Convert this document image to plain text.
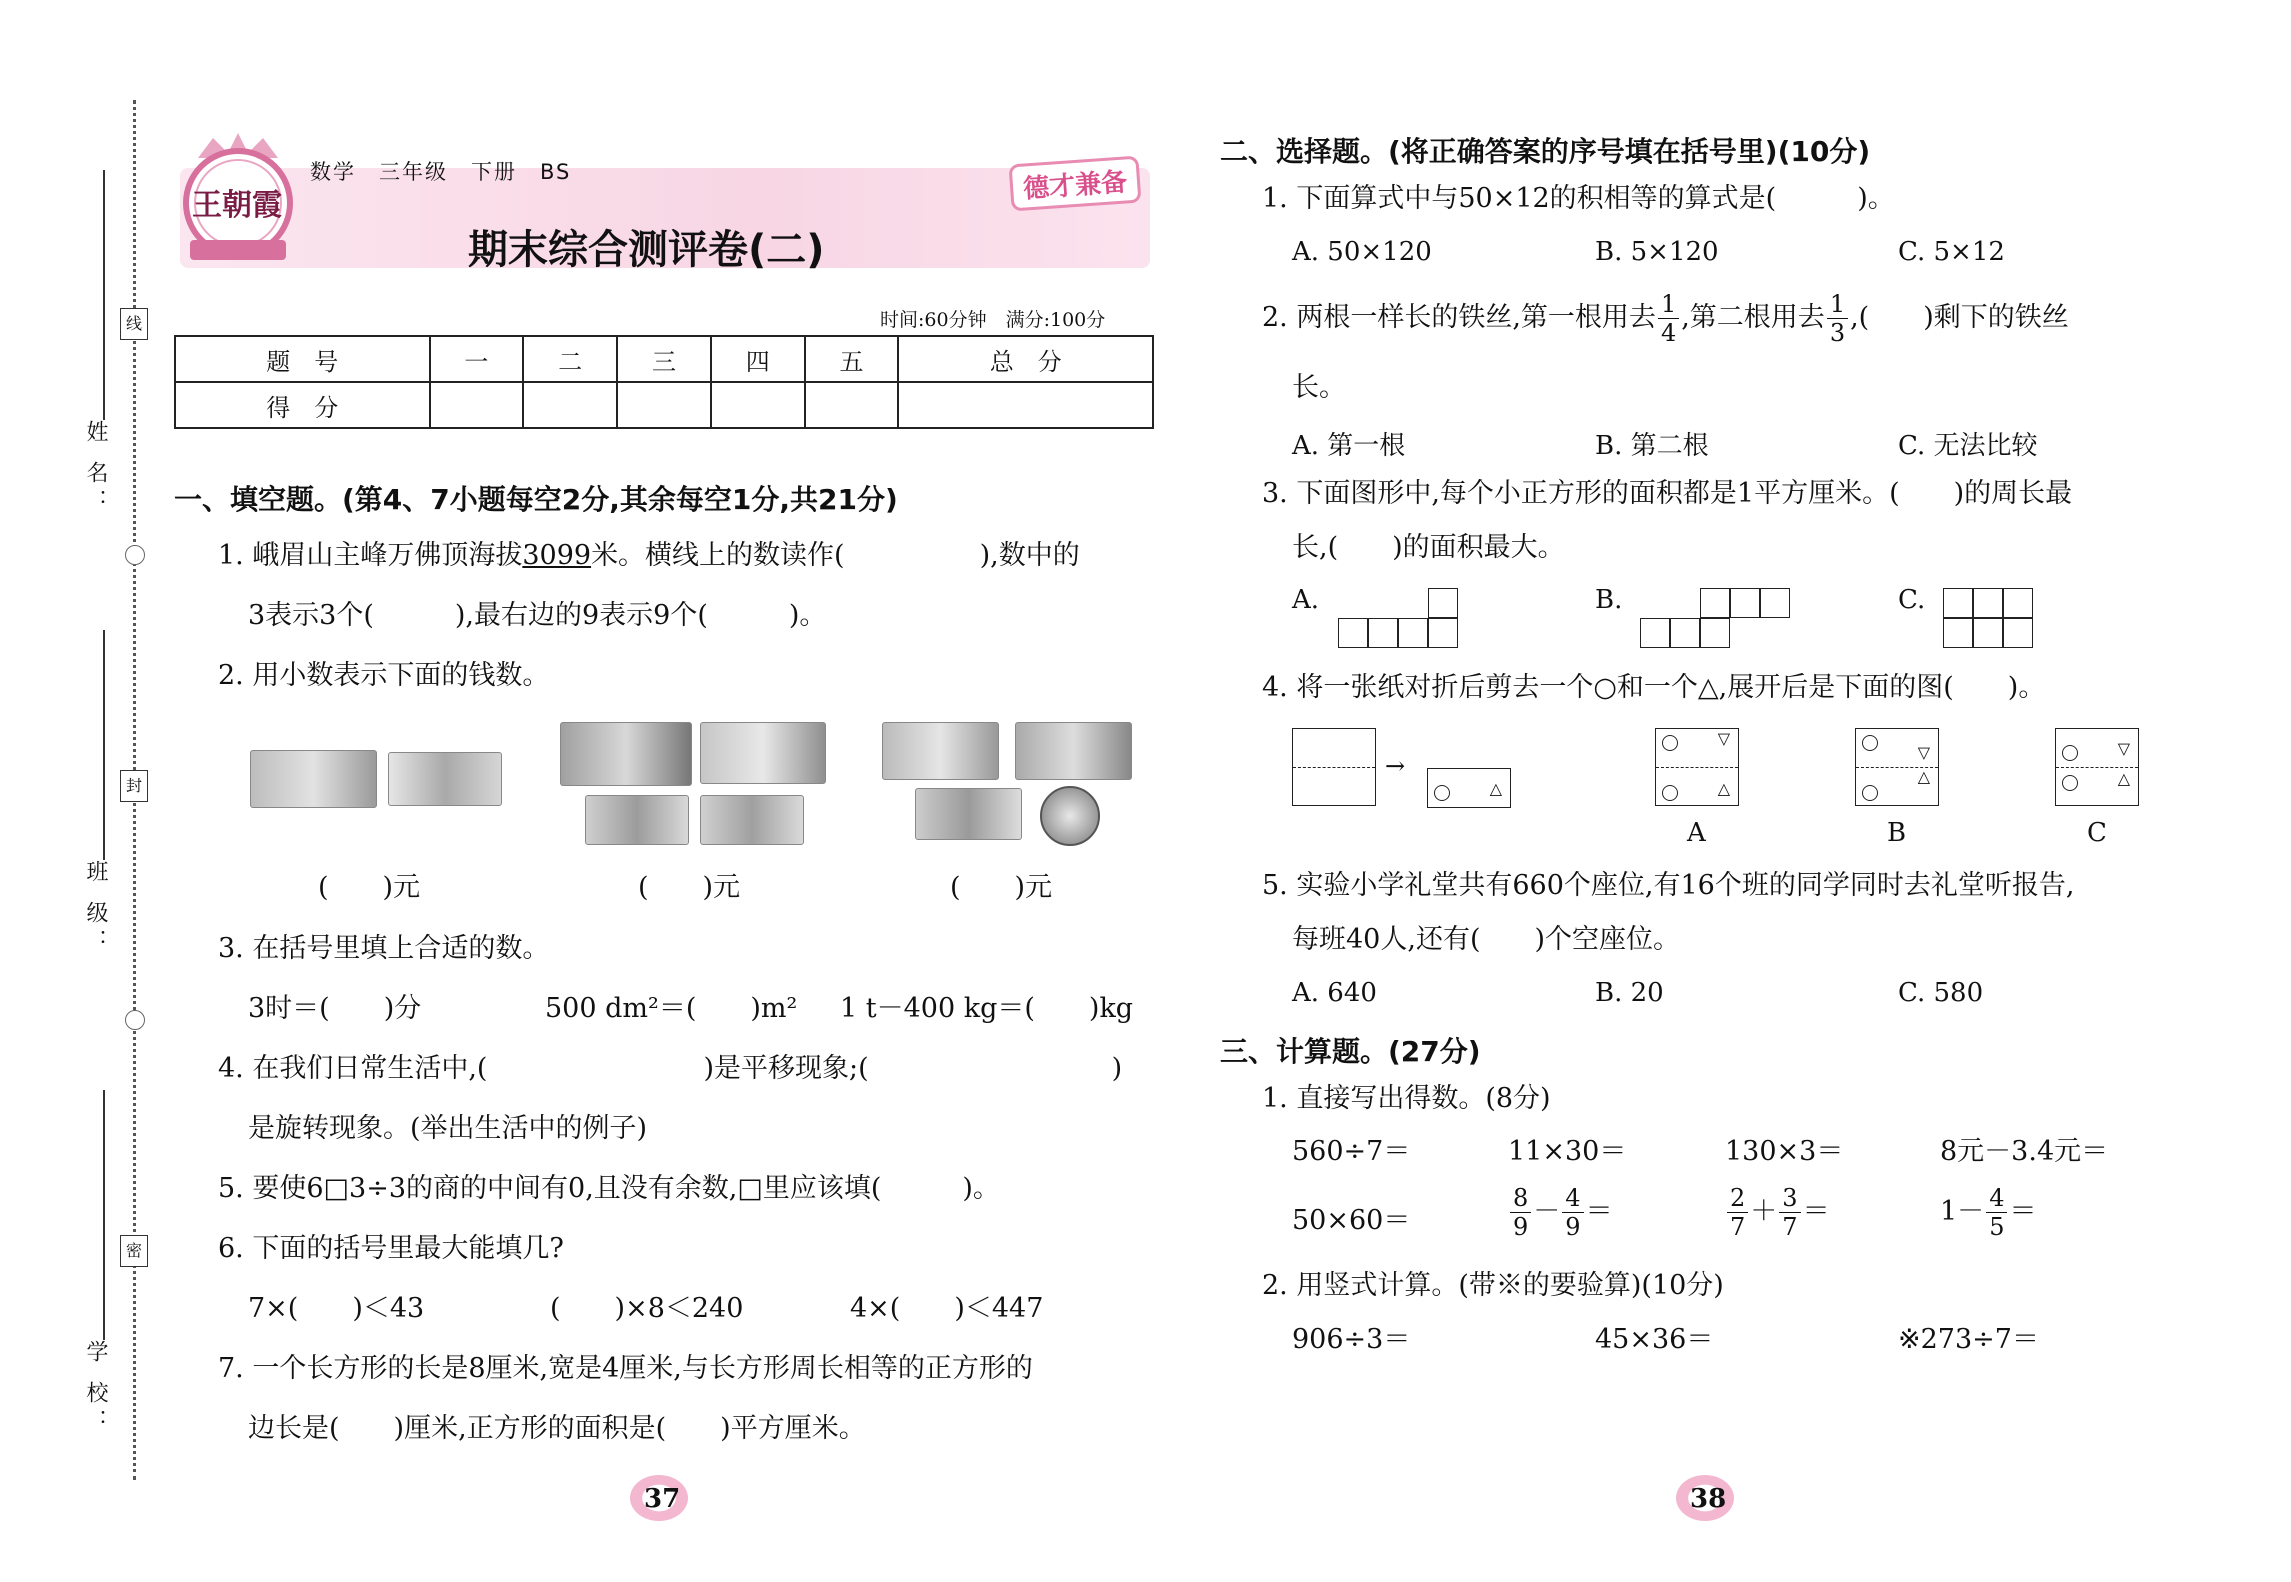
姓 名：
线
班 级：
封
学 校：
密
王朝霞
数学　三年级　下册　BS	德才兼备
期末综合测评卷(二)
时间:60分钟　满分:100分
题　号	一	二	三	四	五	总　分
得　分						
一、填空题。(第4、7小题每空2分,其余每空1分,共21分)
1. 峨眉山主峰万佛顶海拔3099米。横线上的数读作(　　　　　),数中的
3表示3个(　　　),最右边的9表示9个(　　　)。
2. 用小数表示下面的钱数。
(　　)元	(　　)元	(　　)元
3. 在括号里填上合适的数。
3时＝(　　)分	500 dm²＝(　　)m² 1 t－400 kg＝(　　)kg
4. 在我们日常生活中,(　　　　　　　　)是平移现象;(　　　　　　　　　)
是旋转现象。(举出生活中的例子)
5. 要使6□3÷3的商的中间有0,且没有余数,□里应该填(　　　)。
6. 下面的括号里最大能填几?
7×(　　)＜43	(　　)×8＜240	4×(　　)＜447
7. 一个长方形的长是8厘米,宽是4厘米,与长方形周长相等的正方形的
边长是(　　)厘米,正方形的面积是(　　)平方厘米。
37
二、选择题。(将正确答案的序号填在括号里)(10分)
1. 下面算式中与50×12的积相等的算式是(　　　)。
A. 50×120	B. 5×120	C. 5×12
2. 两根一样长的铁丝,第一根用去 $\frac{1}{4}$ ,第二根用去 $\frac{1}{3}$ ,(　　)剩下的铁丝
长。
A. 第一根	B. 第二根	C. 无法比较
3. 下面图形中,每个小正方形的面积都是1平方厘米。(　　)的周长最
长,(　　)的面积最大。
A.	B.	C.
4. 将一张纸对折后剪去一个○和一个△,展开后是下面的图(　　)。
→
△
▽
△
▽
△
▽
△
A	B	C
5. 实验小学礼堂共有660个座位,有16个班的同学同时去礼堂听报告,
每班40人,还有(　　)个空座位。
A. 640	B. 20	C. 580
三、计算题。(27分)
1. 直接写出得数。(8分)
560÷7＝	11×30＝	130×3＝	8元－3.4元＝
50×60＝	$\frac{8}{9} - \frac{4}{9}$ ＝	$\frac{2}{7} + \frac{3}{7}$ ＝	$1- \frac{4}{5}$ ＝
2. 用竖式计算。(带※的要验算)(10分)
906÷3＝	45×36＝	※273÷7＝
38
